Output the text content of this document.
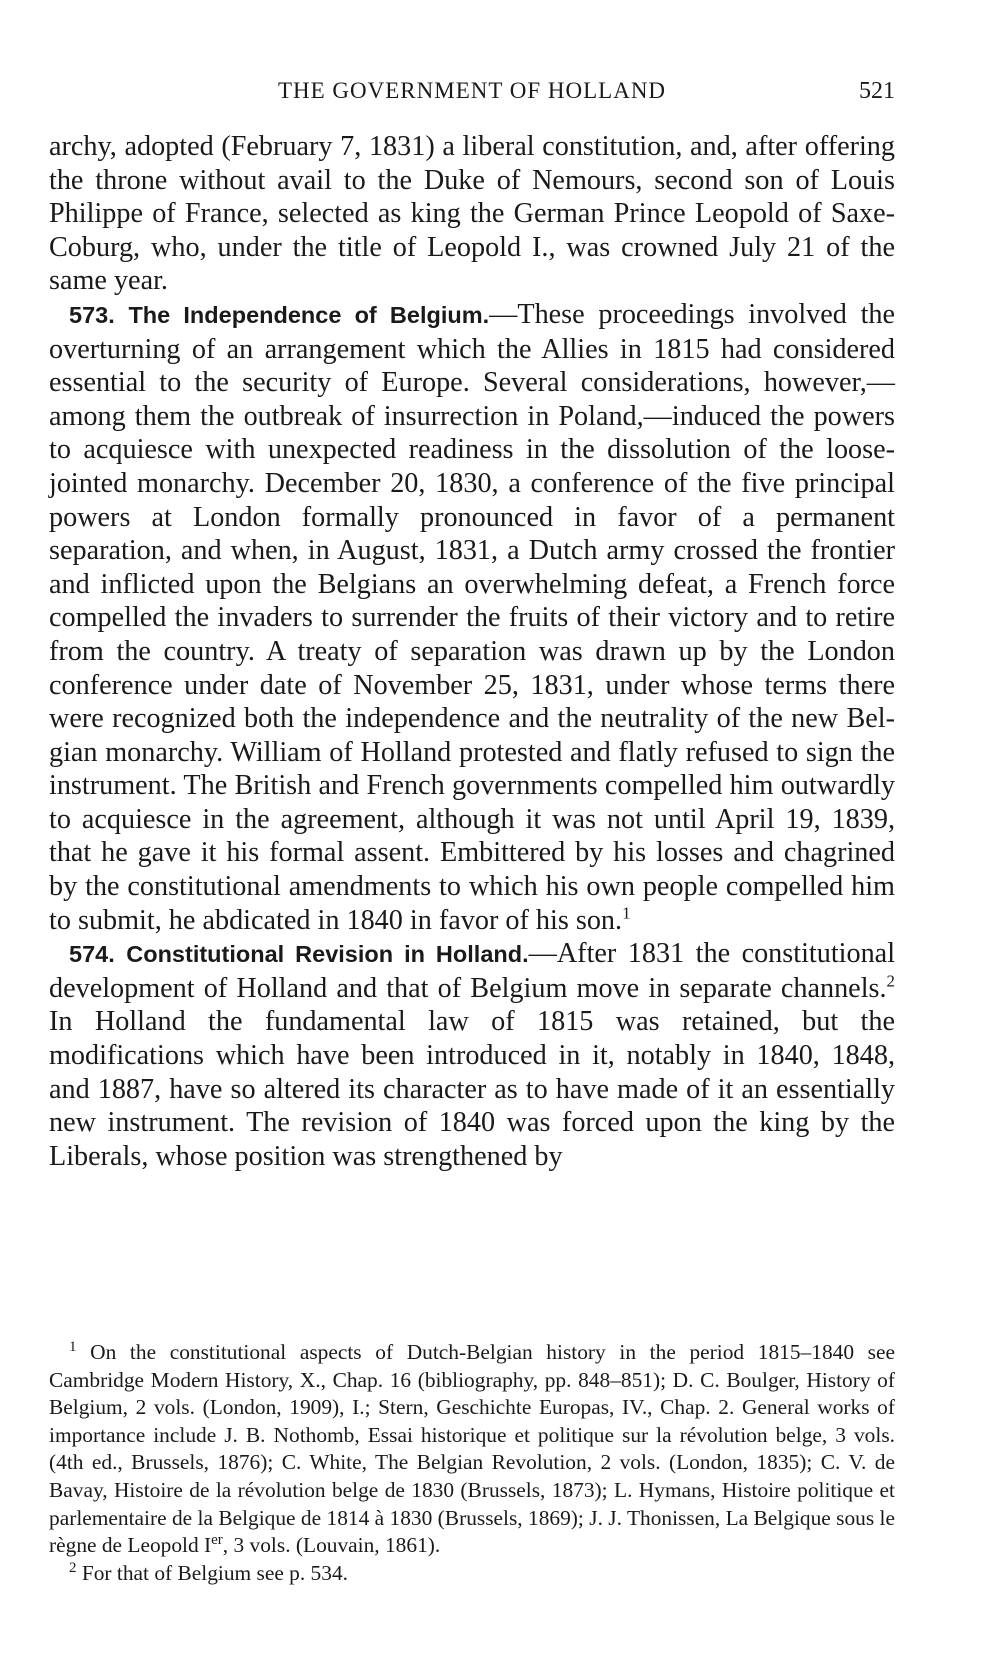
THE GOVERNMENT OF HOLLAND	521

archy, adopted (February 7, 1831) a liberal constitution, and, after offering the throne without avail to the Duke of Nemours, second son of Louis Philippe of France, selected as king the German Prince Leopold of Saxe-Coburg, who, under the title of Leopold I., was crowned July 21 of the same year.

573. The Independence of Belgium.—These proceedings involved the overturning of an arrangement which the Allies in 1815 had considered essential to the security of Europe. Several considerations, however,—among them the outbreak of insurrection in Poland,—induced the powers to acquiesce with unexpected readiness in the dissolution of the loose-jointed monarchy. December 20, 1830, a conference of the five principal powers at London formally pronounced in favor of a permanent separation, and when, in August, 1831, a Dutch army crossed the frontier and inflicted upon the Belgians an overwhelming defeat, a French force compelled the invaders to surrender the fruits of their victory and to retire from the country. A treaty of separation was drawn up by the London conference under date of November 25, 1831, under whose terms there were recognized both the independence and the neutrality of the new Belgian monarchy. William of Holland protested and flatly refused to sign the instrument. The British and French governments compelled him outwardly to acquiesce in the agreement, although it was not until April 19, 1839, that he gave it his formal assent. Embittered by his losses and chagrined by the constitutional amendments to which his own people compelled him to submit, he abdicated in 1840 in favor of his son.$^1$

574. Constitutional Revision in Holland.—After 1831 the constitutional development of Holland and that of Belgium move in separate channels.$^2$ In Holland the fundamental law of 1815 was retained, but the modifications which have been introduced in it, notably in 1840, 1848, and 1887, have so altered its character as to have made of it an essentially new instrument. The revision of 1840 was forced upon the king by the Liberals, whose position was strengthened by

$^1$ On the constitutional aspects of Dutch-Belgian history in the period 1815–1840 see Cambridge Modern History, X., Chap. 16 (bibliography, pp. 848–851); D. C. Boulger, History of Belgium, 2 vols. (London, 1909), I.; Stern, Geschichte Europas, IV., Chap. 2. General works of importance include J. B. Nothomb, Essai historique et politique sur la révolution belge, 3 vols. (4th ed., Brussels, 1876); C. White, The Belgian Revolution, 2 vols. (London, 1835); C. V. de Bavay, Histoire de la révolution belge de 1830 (Brussels, 1873); L. Hymans, Histoire politique et parlementaire de la Belgique de 1814 à 1830 (Brussels, 1869); J. J. Thonissen, La Belgique sous le règne de Leopold Ier, 3 vols. (Louvain, 1861).

$^2$ For that of Belgium see p. 534.
